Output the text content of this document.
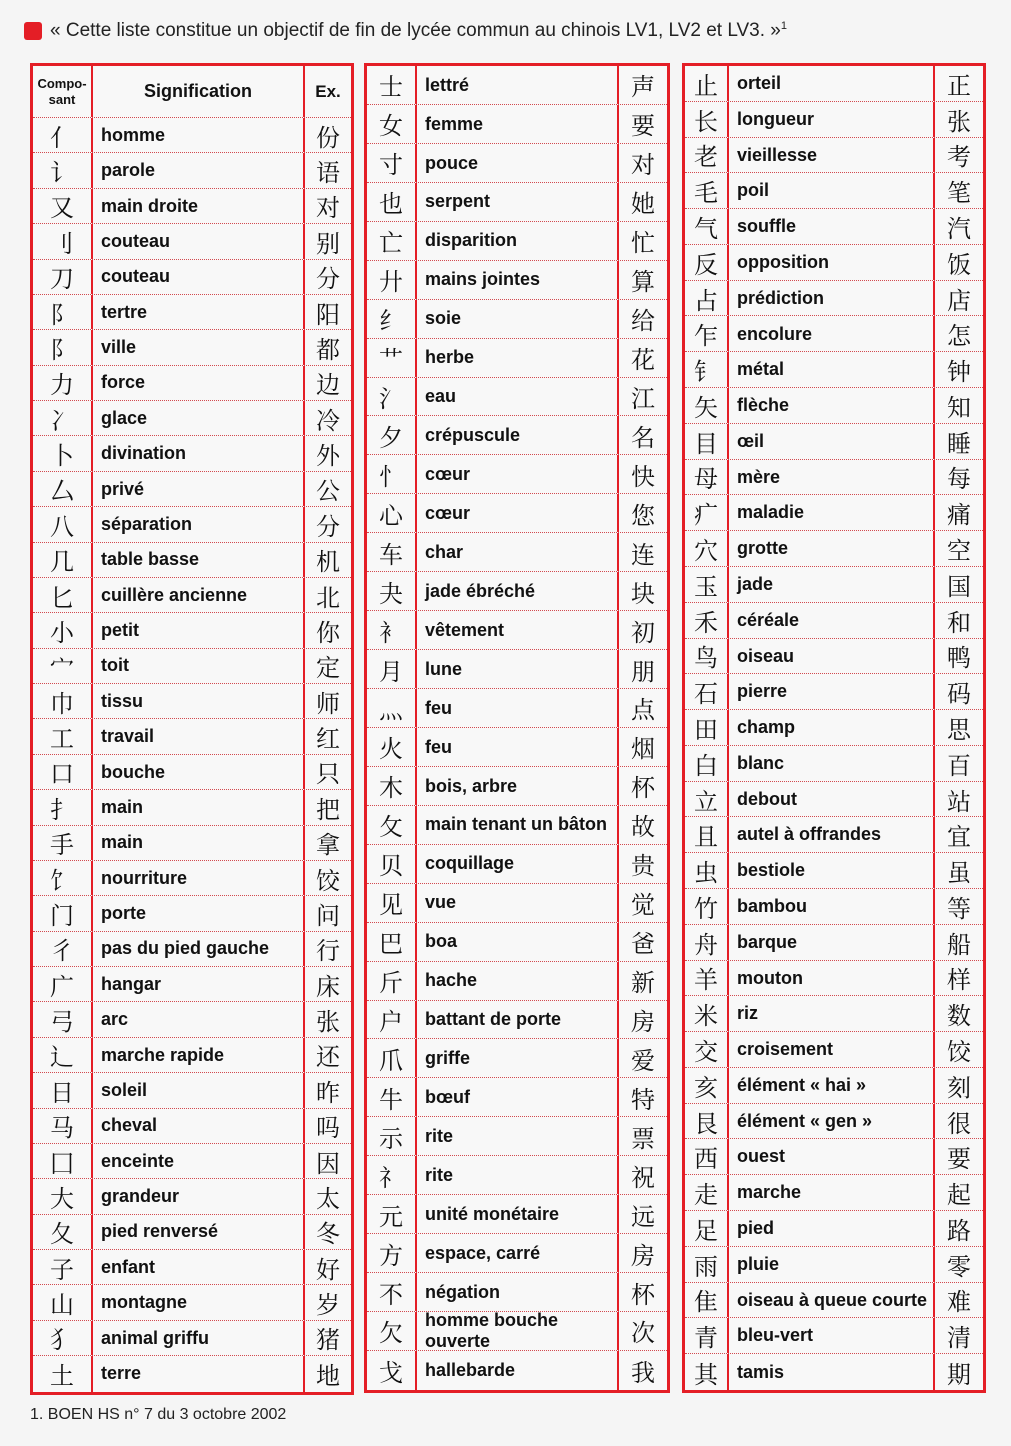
« Cette liste constitue un objectif de fin de lycée commun au chinois LV1, LV2 et LV3. »$^1$
Compo-
sant	Signification	Ex.
亻	homme	份
讠	parole	语
又	main droite	对
刂	couteau	别
刀	couteau	分
阝	tertre	阳
阝	ville	都
力	force	边
冫	glace	冷
卜	divination	外
厶	privé	公
八	séparation	分
几	table basse	机
匕	cuillère ancienne	北
小	petit	你
宀	toit	定
巾	tissu	师
工	travail	红
口	bouche	只
扌	main	把
手	main	拿
饣	nourriture	饺
门	porte	问
彳	pas du pied gauche	行
广	hangar	床
弓	arc	张
辶	marche rapide	还
日	soleil	昨
马	cheval	吗
囗	enceinte	因
大	grandeur	太
夂	pied renversé	冬
子	enfant	好
山	montagne	岁
犭	animal griffu	猪
土	terre	地
士	lettré	声
女	femme	要
寸	pouce	对
也	serpent	她
亡	disparition	忙
廾	mains jointes	算
纟	soie	给
艹	herbe	花
氵	eau	江
夕	crépuscule	名
忄	cœur	快
心	cœur	您
车	char	连
夬	jade ébréché	块
衤	vêtement	初
月	lune	朋
灬	feu	点
火	feu	烟
木	bois, arbre	杯
攵	main tenant un bâton	故
贝	coquillage	贵
见	vue	觉
巴	boa	爸
斤	hache	新
户	battant de porte	房
爪	griffe	爱
牛	bœuf	特
示	rite	票
礻	rite	祝
元	unité monétaire	远
方	espace, carré	房
不	négation	杯
欠	homme bouche ouverte	次
戈	hallebarde	我
止	orteil	正
长	longueur	张
老	vieillesse	考
毛	poil	笔
气	souffle	汽
反	opposition	饭
占	prédiction	店
乍	encolure	怎
钅	métal	钟
矢	flèche	知
目	œil	睡
母	mère	每
疒	maladie	痛
穴	grotte	空
玉	jade	国
禾	céréale	和
鸟	oiseau	鸭
石	pierre	码
田	champ	思
白	blanc	百
立	debout	站
且	autel à offrandes	宜
虫	bestiole	虽
竹	bambou	等
舟	barque	船
羊	mouton	样
米	riz	数
交	croisement	饺
亥	élément « hai »	刻
艮	élément « gen »	很
西	ouest	要
走	marche	起
足	pied	路
雨	pluie	零
隹	oiseau à queue courte 难
青	bleu-vert	清
其	tamis	期
1. BOEN HS n° 7 du 3 octobre 2002
